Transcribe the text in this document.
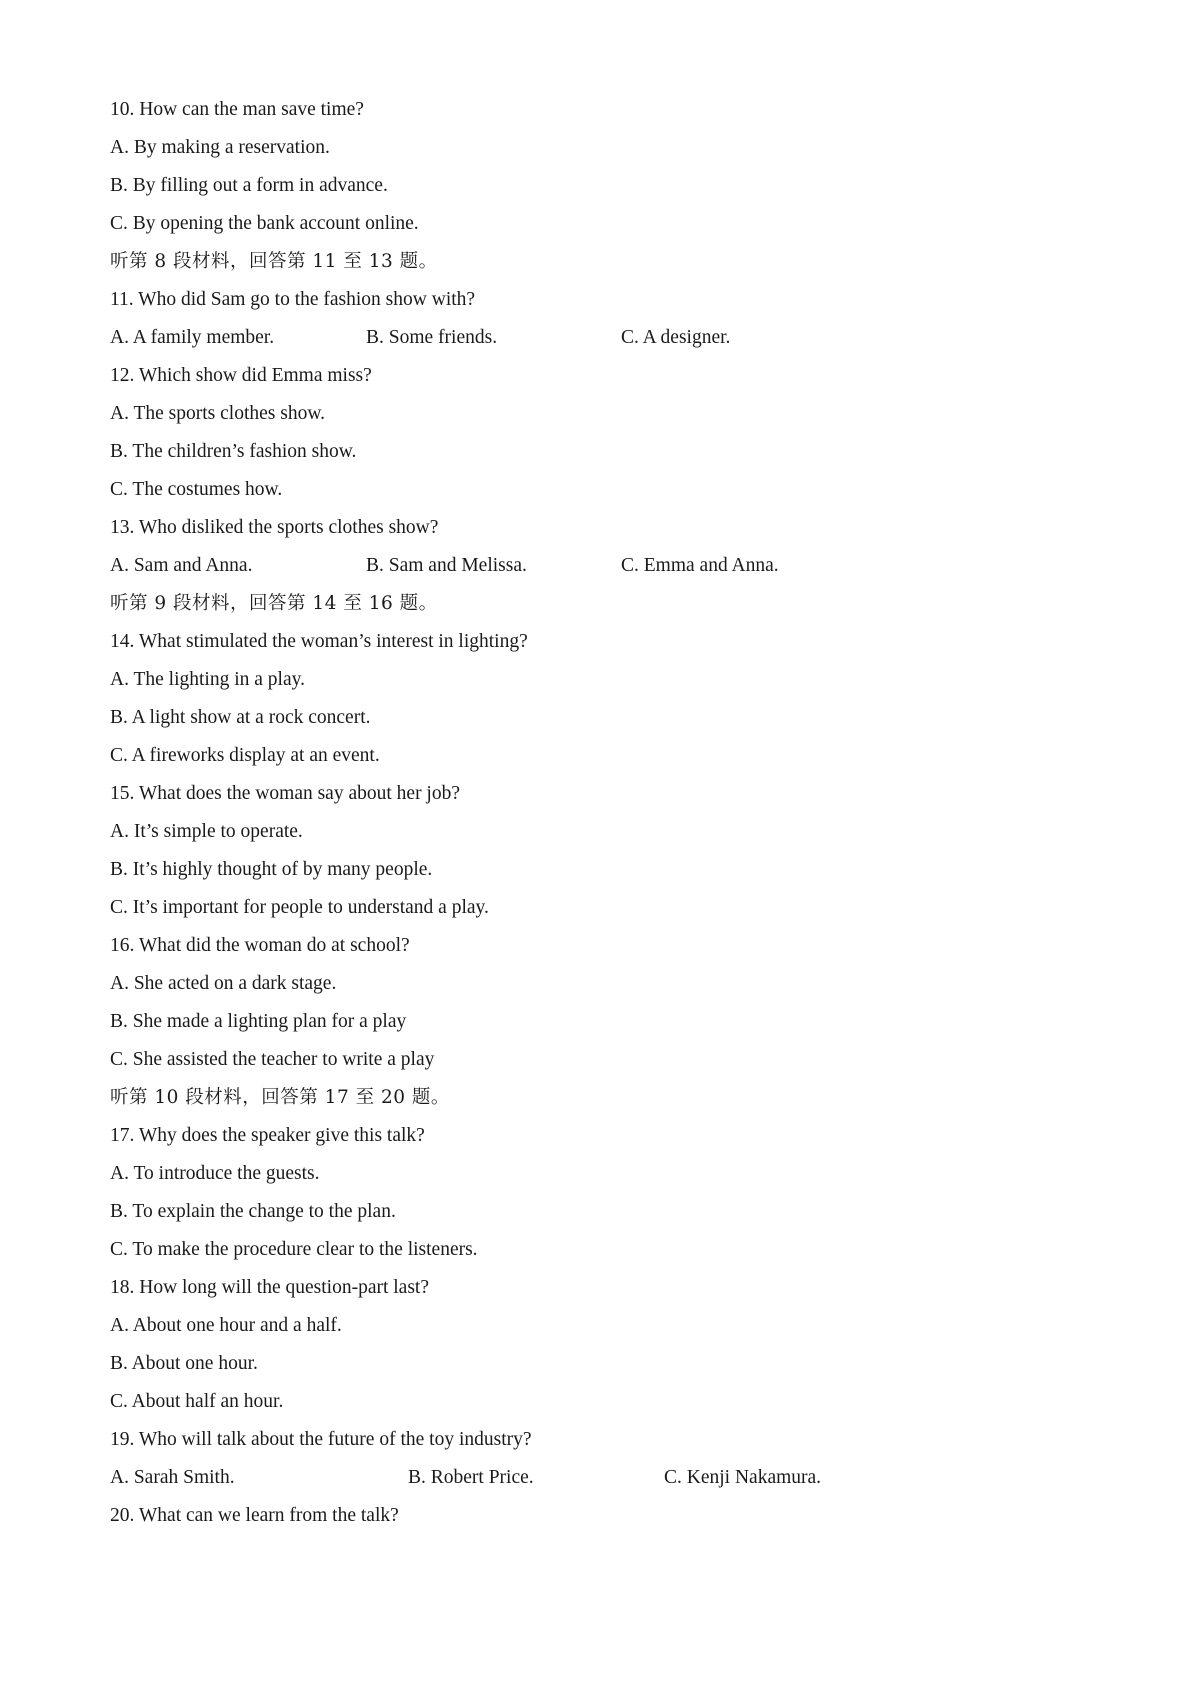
10. How can the man save time?
A. By making a reservation.
B. By filling out a form in advance.
C. By opening the bank account online.
听第 8 段材料，回答第 11 至 13 题。
11. Who did Sam go to the fashion show with?
A. A family member.	B. Some friends.	C. A designer.
12. Which show did Emma miss?
A. The sports clothes show.
B. The children’s fashion show.
C. The costumes how.
13. Who disliked the sports clothes show?
A. Sam and Anna.	B. Sam and Melissa.	C. Emma and Anna.
听第 9 段材料，回答第 14 至 16 题。
14. What stimulated the woman’s interest in lighting?
A. The lighting in a play.
B. A light show at a rock concert.
C. A fireworks display at an event.
15. What does the woman say about her job?
A. It’s simple to operate.
B. It’s highly thought of by many people.
C. It’s important for people to understand a play.
16. What did the woman do at school?
A. She acted on a dark stage.
B. She made a lighting plan for a play
C. She assisted the teacher to write a play
听第 10 段材料，回答第 17 至 20 题。
17. Why does the speaker give this talk?
A. To introduce the guests.
B. To explain the change to the plan.
C. To make the procedure clear to the listeners.
18. How long will the question-part last?
A. About one hour and a half.
B. About one hour.
C. About half an hour.
19. Who will talk about the future of the toy industry?
A. Sarah Smith.	B. Robert Price.	C. Kenji Nakamura.
20. What can we learn from the talk?
